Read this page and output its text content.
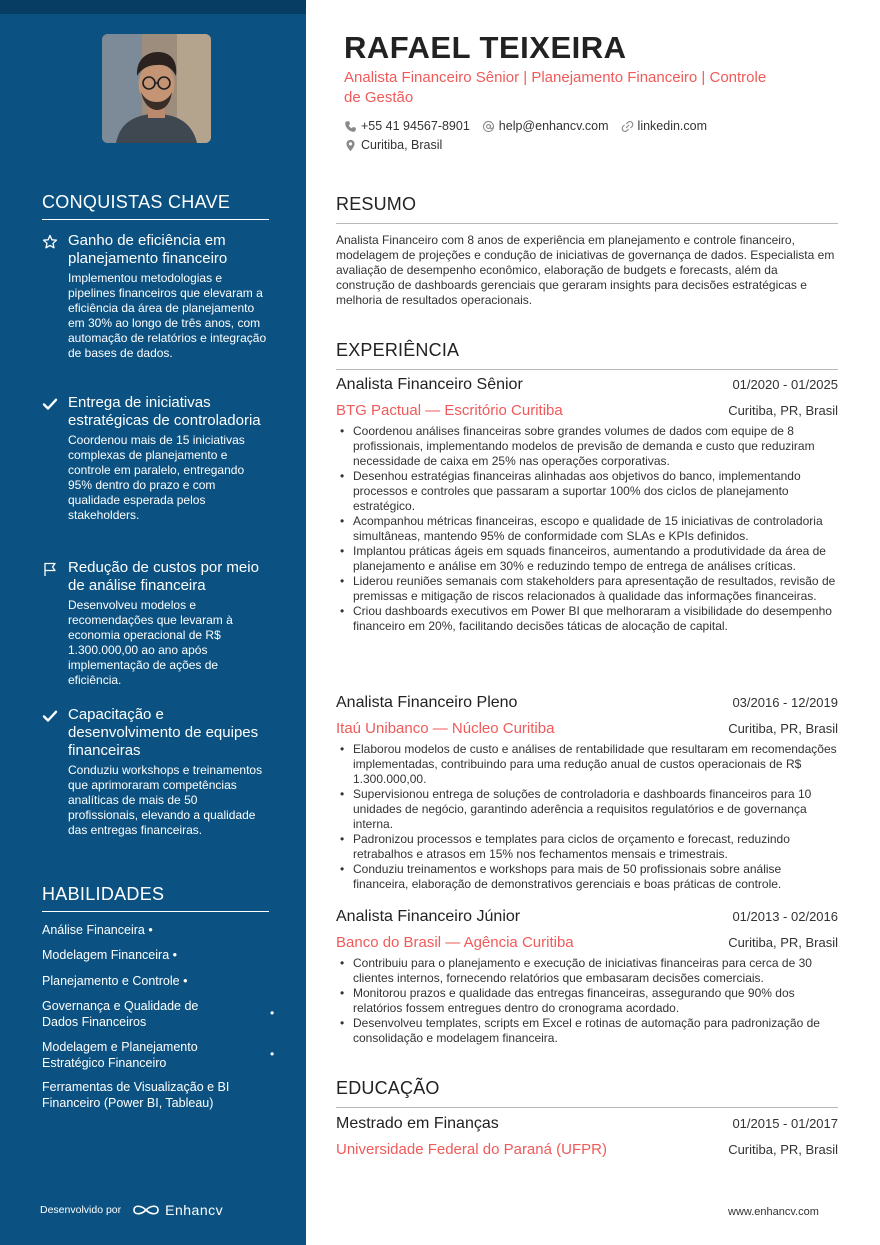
CONQUISTAS CHAVE
Ganho de eficiência em planejamento financeiro
Implementou metodologias e pipelines financeiros que elevaram a eficiência da área de planejamento em 30% ao longo de três anos, com automação de relatórios e integração de bases de dados.
Entrega de iniciativas estratégicas de controladoria
Coordenou mais de 15 iniciativas complexas de planejamento e controle em paralelo, entregando 95% dentro do prazo e com qualidade esperada pelos stakeholders.
Redução de custos por meio de análise financeira
Desenvolveu modelos e recomendações que levaram à economia operacional de R$ 1.300.000,00 ao ano após implementação de ações de eficiência.
Capacitação e desenvolvimento de equipes financeiras
Conduziu workshops e treinamentos que aprimoraram competências analíticas de mais de 50 profissionais, elevando a qualidade das entregas financeiras.
HABILIDADES
Análise Financeira •
Modelagem Financeira •
Planejamento e Controle •
Governança e Qualidade de Dados Financeiros
•
Modelagem e Planejamento Estratégico Financeiro
•
Ferramentas de Visualização e BI Financeiro (Power BI, Tableau)
Desenvolvido por	Enhancv
RAFAEL TEIXEIRA
Analista Financeiro Sênior | Planejamento Financeiro | Controle de Gestão
+55 41 94567-8901 help@enhancv.com linkedin.com
Curitiba, Brasil
RESUMO
Analista Financeiro com 8 anos de experiência em planejamento e controle financeiro, modelagem de projeções e condução de iniciativas de governança de dados. Especialista em avaliação de desempenho econômico, elaboração de budgets e forecasts, além da construção de dashboards gerenciais que geraram insights para decisões estratégicas e melhoria de resultados operacionais.
EXPERIÊNCIA
Analista Financeiro Sênior	01/2020 - 01/2025
BTG Pactual — Escritório Curitiba	Curitiba, PR, Brasil
• Coordenou análises financeiras sobre grandes volumes de dados com equipe de 8 profissionais, implementando modelos de previsão de demanda e custo que reduziram necessidade de caixa em 25% nas operações corporativas.
• Desenhou estratégias financeiras alinhadas aos objetivos do banco, implementando processos e controles que passaram a suportar 100% dos ciclos de planejamento estratégico.
• Acompanhou métricas financeiras, escopo e qualidade de 15 iniciativas de controladoria simultâneas, mantendo 95% de conformidade com SLAs e KPIs definidos.
• Implantou práticas ágeis em squads financeiros, aumentando a produtividade da área de planejamento e análise em 30% e reduzindo tempo de entrega de análises críticas.
• Liderou reuniões semanais com stakeholders para apresentação de resultados, revisão de premissas e mitigação de riscos relacionados à qualidade das informações financeiras.
• Criou dashboards executivos em Power BI que melhoraram a visibilidade do desempenho financeiro em 20%, facilitando decisões táticas de alocação de capital.
Analista Financeiro Pleno	03/2016 - 12/2019
Itaú Unibanco — Núcleo Curitiba	Curitiba, PR, Brasil
• Elaborou modelos de custo e análises de rentabilidade que resultaram em recomendações implementadas, contribuindo para uma redução anual de custos operacionais de R$ 1.300.000,00.
• Supervisionou entrega de soluções de controladoria e dashboards financeiros para 10 unidades de negócio, garantindo aderência a requisitos regulatórios e de governança interna.
• Padronizou processos e templates para ciclos de orçamento e forecast, reduzindo retrabalhos e atrasos em 15% nos fechamentos mensais e trimestrais.
• Conduziu treinamentos e workshops para mais de 50 profissionais sobre análise financeira, elaboração de demonstrativos gerenciais e boas práticas de controle.
Analista Financeiro Júnior	01/2013 - 02/2016
Banco do Brasil — Agência Curitiba	Curitiba, PR, Brasil
• Contribuiu para o planejamento e execução de iniciativas financeiras para cerca de 30 clientes internos, fornecendo relatórios que embasaram decisões comerciais.
• Monitorou prazos e qualidade das entregas financeiras, assegurando que 90% dos relatórios fossem entregues dentro do cronograma acordado.
• Desenvolveu templates, scripts em Excel e rotinas de automação para padronização de consolidação e modelagem financeira.
EDUCAÇÃO
Mestrado em Finanças	01/2015 - 01/2017
Universidade Federal do Paraná (UFPR)	Curitiba, PR, Brasil
www.enhancv.com
